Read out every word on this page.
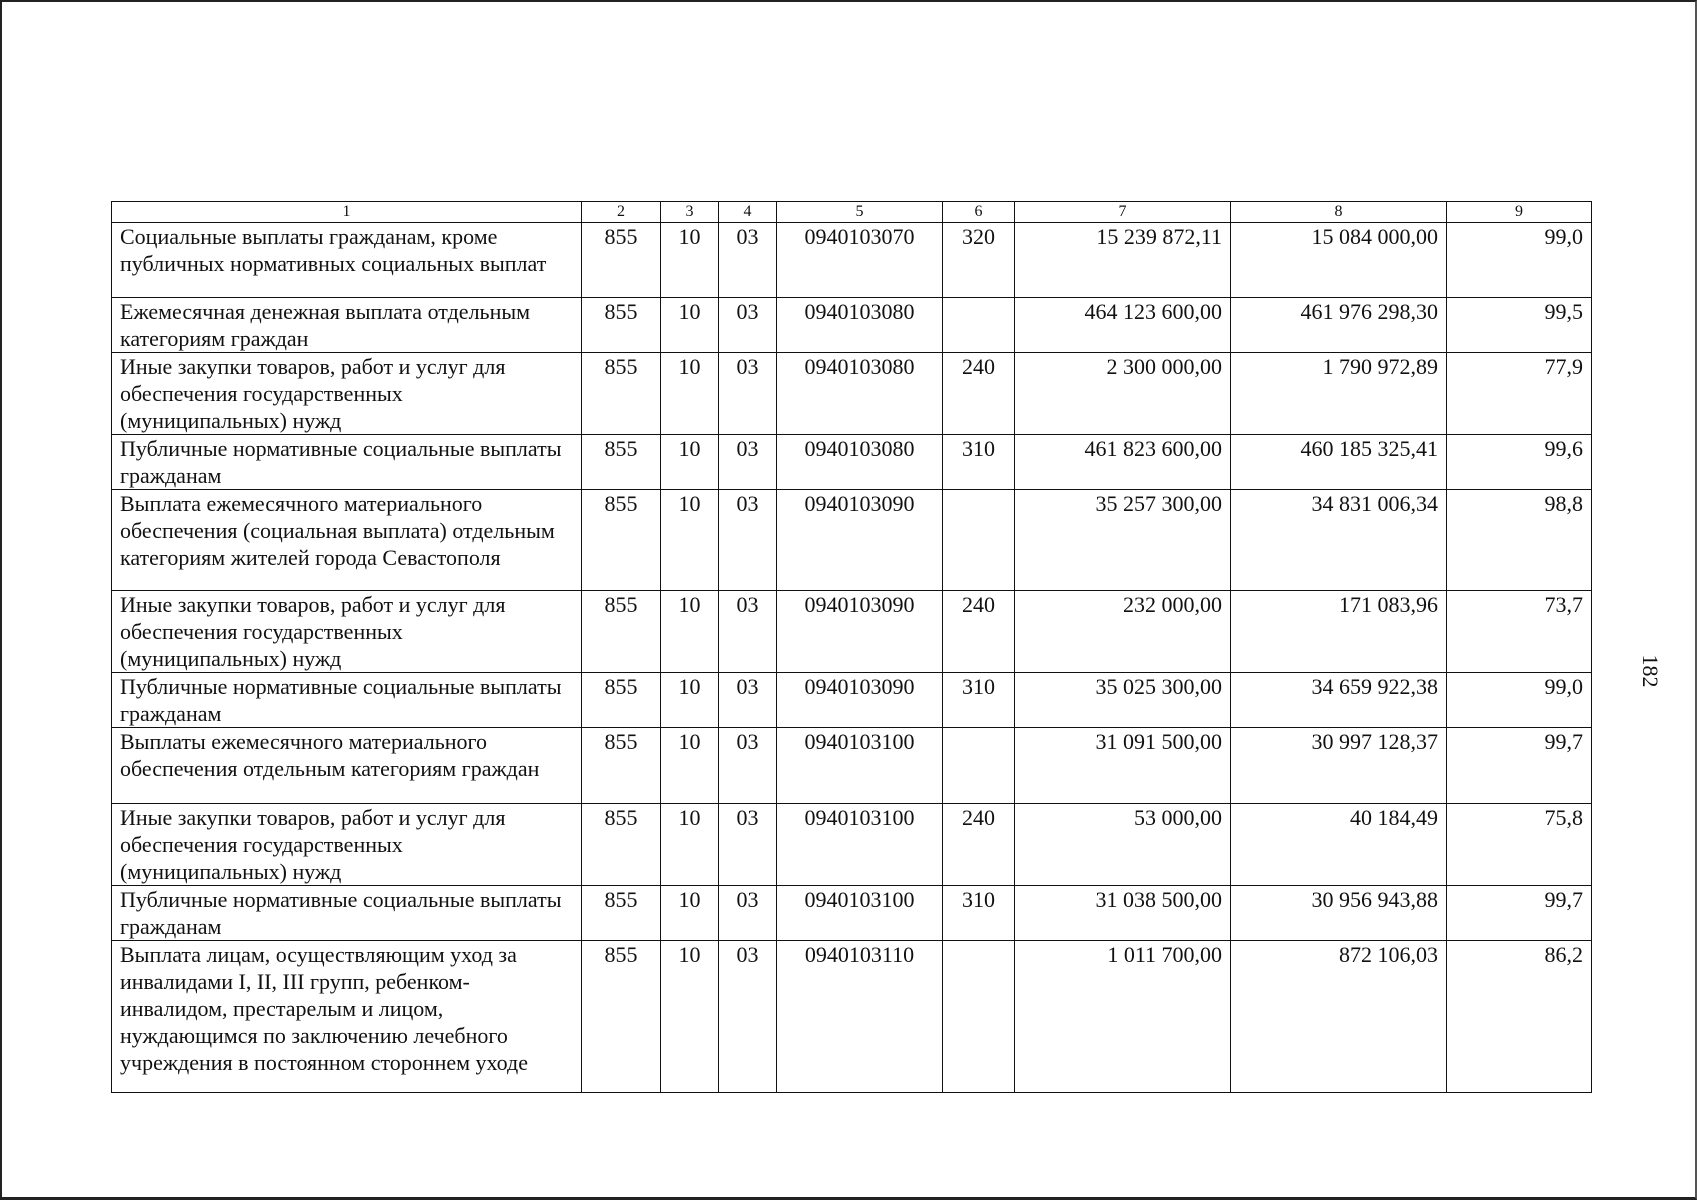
1	2	3	4	5	6	7	8	9
Социальные выплаты гражданам, кроме публичных нормативных социальных выплат	855	10	03	0940103070	320	15 239 872,11	15 084 000,00	99,0
Ежемесячная денежная выплата отдельным категориям граждан	855	10	03	0940103080		464 123 600,00	461 976 298,30	99,5
Иные закупки товаров, работ и услуг для обеспечения государственных (муниципальных) нужд	855	10	03	0940103080	240	2 300 000,00	1 790 972,89	77,9
Публичные нормативные социальные выплаты гражданам	855	10	03	0940103080	310	461 823 600,00	460 185 325,41	99,6
Выплата ежемесячного материального обеспечения (социальная выплата) отдельным категориям жителей города Севастополя	855	10	03	0940103090		35 257 300,00	34 831 006,34	98,8
Иные закупки товаров, работ и услуг для обеспечения государственных (муниципальных) нужд	855	10	03	0940103090	240	232 000,00	171 083,96	73,7
Публичные нормативные социальные выплаты гражданам	855	10	03	0940103090	310	35 025 300,00	34 659 922,38	99,0
Выплаты ежемесячного материального обеспечения отдельным категориям граждан	855	10	03	0940103100		31 091 500,00	30 997 128,37	99,7
Иные закупки товаров, работ и услуг для обеспечения государственных (муниципальных) нужд	855	10	03	0940103100	240	53 000,00	40 184,49	75,8
Публичные нормативные социальные выплаты гражданам	855	10	03	0940103100	310	31 038 500,00	30 956 943,88	99,7
Выплата лицам, осуществляющим уход за инвалидами I, II, III групп, ребенком-инвалидом, престарелым и лицом, нуждающимся по заключению лечебного учреждения в постоянном стороннем уходе	855	10	03	0940103110		1 011 700,00	872 106,03	86,2
182
